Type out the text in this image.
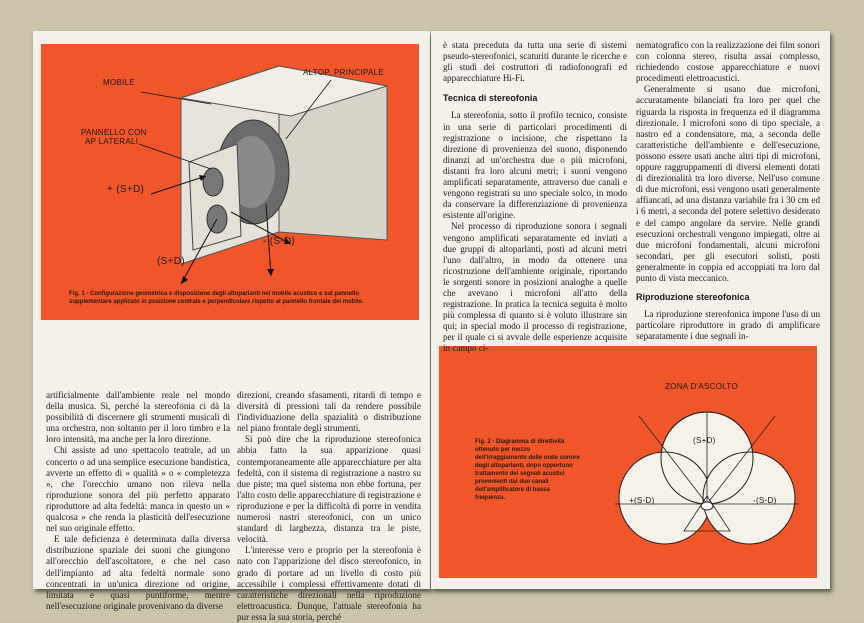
MOBILE
ALTOP. PRINCIPALE
PANNELLO CON
AP LATERALI
+ (S+D)
- (S-D)
(S+D)
Fig. 1 - Configurazione geometrica e disposizione degli altoparlanti nel mobile acustico e sul pannello supplementare applicato in posizione centrale e perpendicolare rispetto al pannello frontale del mobile.
ZONA D'ASCOLTO
(S+D)
+(S-D)	-(S-D)
Fig. 2 - Diagramma di direttività ottenuto per mezzo dell'irraggiamento delle onde sonore degli altoparlanti, dopo opportuno trattamento dei segnali acustici provenienti dai due canali dell'amplificatore di bassa frequenza.

artificialmente dall'ambiente reale nel mondo della musica. Si, perché la stereofonia ci dà la possibilità di discernere gli strumenti musicali di una orchestra, non soltanto per il loro timbro e la loro intensità, ma anche per la loro direzione.

Chi assiste ad uno spettacolo teatrale, ad un concerto o ad una semplice esecuzione bandistica, avverte un effetto di « qualità » o « completezza », che l'orecchio umano non rileva nella riproduzione sonora del più perfetto apparato riproduttore ad alta fedeltà: manca in questo un « qualcosa » che renda la plasticità dell'esecuzione nel suo originale effetto.

E tale deficienza è determinata dalla diversa distribuzione spaziale dei suoni che giungono all'orecchio dell'ascoltatore, e che nel caso dell'impianto ad alta fedeltà normale sono concentrati in un'unica direzione od origine, limitata e quasi puntiforme, mentre nell'esecuzione originale provenivano da diverse

direzioni, creando sfasamenti, ritardi di tempo e diversità di pressioni tali da rendere possibile l'individuazione della spazialità o distribuzione nel piano frontale degli strumenti.

Si può dire che la riproduzione stereofonica abbia fatto la sua apparizione quasi contemporaneamente alle apparecchiature per alta fedeltà, con il sistema di registrazione a nastro su due piste; ma quel sistema non ebbe fortuna, per l'alto costo delle apparecchiature di registrazione e riproduzione e per la difficoltà di porre in vendita numerosi nastri stereofonici, con un unico standard di larghezza, distanza tra le piste, velocità.

L'interesse vero e proprio per la stereofonia è nato con l'apparizione del disco stereofonico, in grado di portare ad un livello di costo più accessibile i complessi effettivamente dotati di caratteristiche direzionali nella riproduzione elettroacustica. Dunque, l'attuale stereofonia ha pur essa la sua storia, perché

è stata preceduta da tutta una serie di sistemi pseudo-stereofonici, scaturiti durante le ricerche e gli studi dei costruttori di radiofonografi ed apparecchiature Hi-Fi.

Tecnica di stereofonia

La stereofonia, sotto il profilo tecnico, consiste in una serie di particolari procedimenti di registrazione o incisione, che rispettano la direzione di provenienza del suono, disponendo dinanzi ad un'orchestra due o più microfoni, distanti fra loro alcuni metri; i suoni vengono amplificati separatamente, attraverso due canali e vengono registrati su uno speciale solco, in modo da conservare la differenziazione di provenienza esistente all'origine.

Nel processo di riproduzione sonora i segnali vengono amplificati separatamente ed inviati a due gruppi di altoparlanti, posti ad alcuni metri l'uno dall'altro, in modo da ottenere una ricostruzione dell'ambiente originale, riportando le sorgenti sonore in posizioni analoghe a quelle che avevano i microfoni all'atto della registrazione. In pratica la tecnica seguita è molto più complessa di quanto si è voluto illustrare sin qui; in special modo il processo di registrazione, per il quale ci si avvale delle esperienze acquisite in campo ci-

nematografico con la realizzazione dei film sonori con colonna stereo, risulta assai complesso, richiedendo costose apparecchiature e nuovi procedimenti elettroacustici.

Generalmente si usano due microfoni, accuratamente bilanciati fra loro per quel che riguarda la risposta in frequenza ed il diagramma direzionale. I microfoni sono di tipo speciale, a nastro ed a condensatore, ma, a seconda delle caratteristiche dell'ambiente e dell'esecuzione, possono essere usati anche altri tipi di microfoni, oppure raggruppamenti di diversi elementi dotati di direzionalità tra loro diverse. Nell'uso comune di due microfoni, essi vengono usati generalmente affiancati, ad una distanza variabile fra i 30 cm ed i 6 metri, a seconda del potere selettivo desiderato e del campo angolare da servire. Nelle grandi esecuzioni orchestrali vengono impiegati, oltre ai due microfoni fondamentali, alcuni microfoni secondari, per gli esecutori solisti, posti generalmente in coppia ed accoppiati tra loro dal punto di vista meccanico.

Riproduzione stereofonica

La riproduzione stereofonica impone l'uso di un particolare riproduttore in grado di amplificare separatamente i due segnali in-
